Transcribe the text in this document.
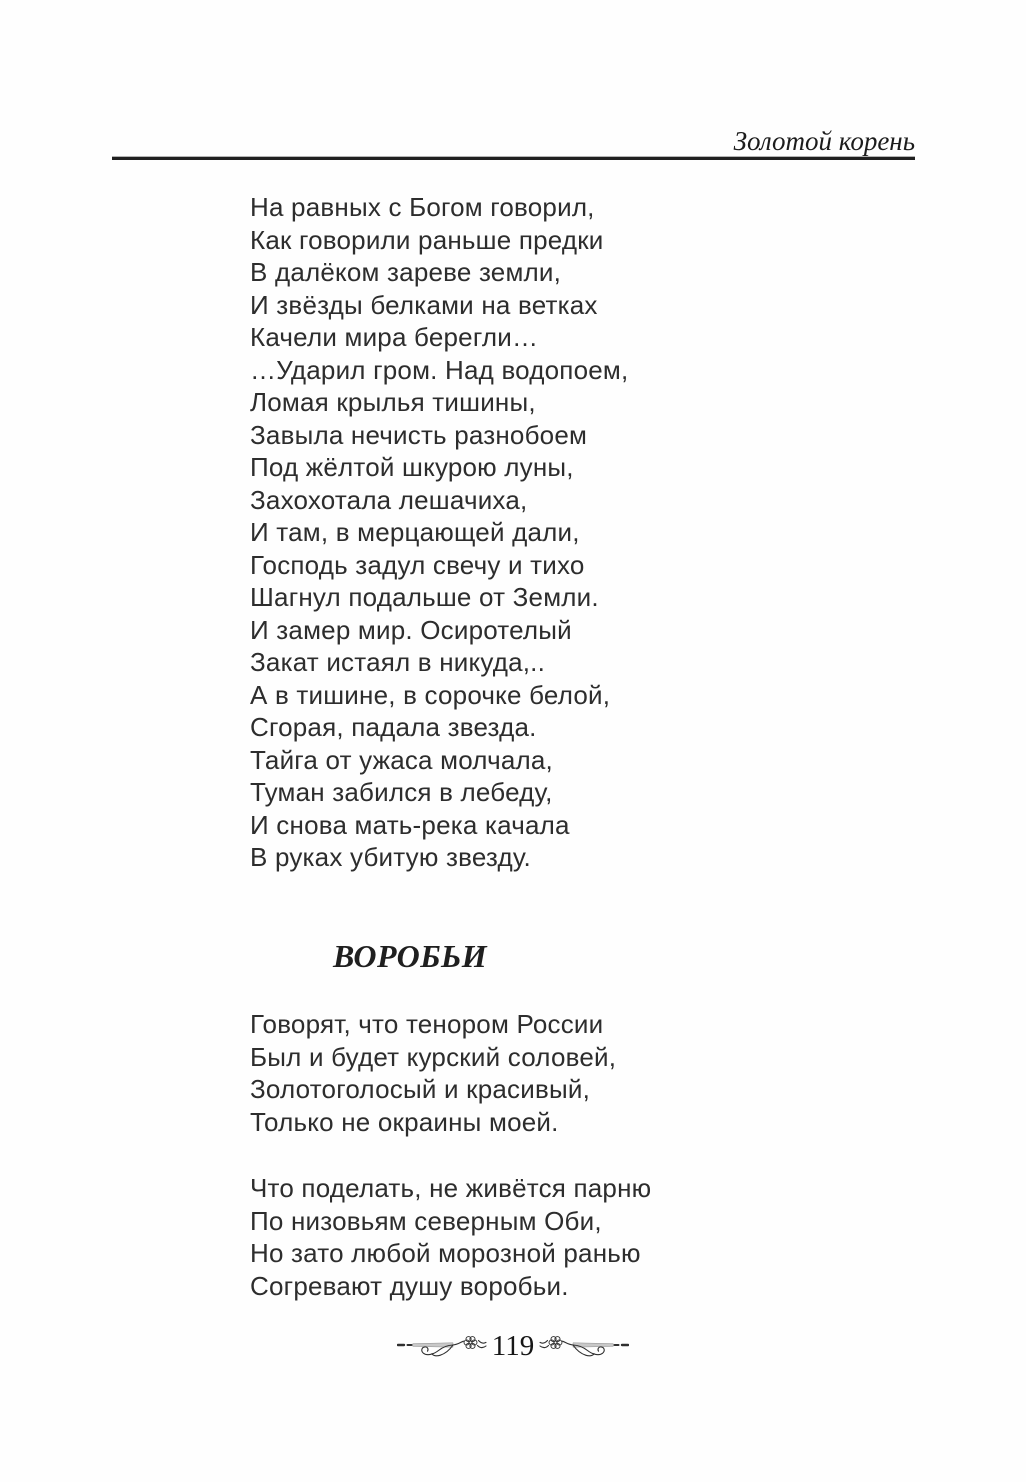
Золотой корень
На равных с Богом говорил,
Как говорили раньше предки
В далёком зареве земли,
И звёзды белками на ветках
Качели мира берегли…
…Ударил гром. Над водопоем,
Ломая крылья тишины,
Завыла нечисть разнобоем
Под жёлтой шкурою луны,
Захохотала лешачиха,
И там, в мерцающей дали,
Господь задул свечу и тихо
Шагнул подальше от Земли.
И замер мир. Осиротелый
Закат истаял в никуда,..
А в тишине, в сорочке белой,
Сгорая, падала звезда.
Тайга от ужаса молчала,
Туман забился в лебеду,
И снова мать-река качала
В руках убитую звезду.
ВОРОБЬИ
Говорят, что тенором России
Был и будет курский соловей,
Золотоголосый и красивый,
Только не окраины моей.
Что поделать, не живётся парню
По низовьям северным Оби,
Но зато любой морозной ранью
Согревают душу воробьи.
119
